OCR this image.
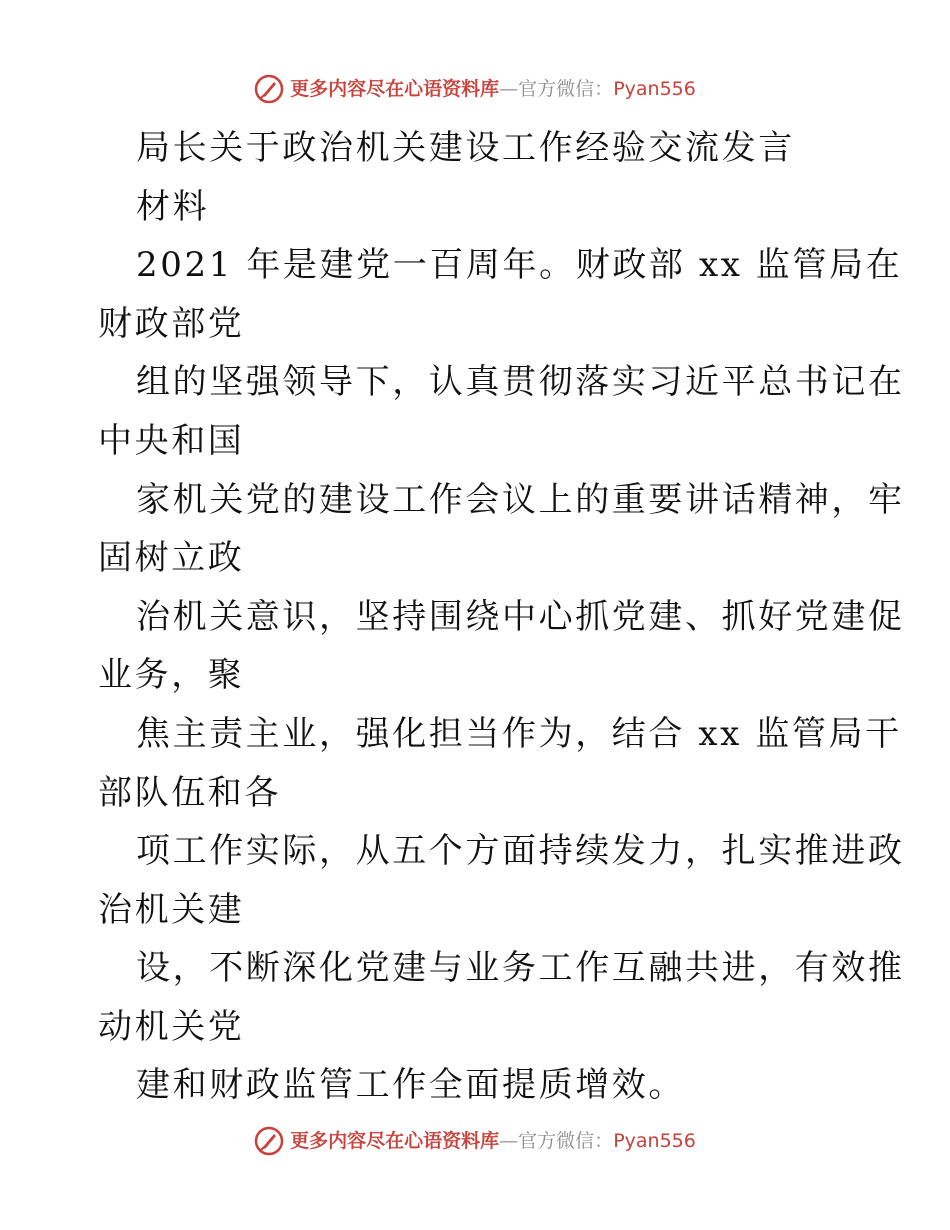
更多内容尽在心语资料库—官方微信：Pyan556
局长关于政治机关建设工作经验交流发言
材料
2021 年是建党一百周年。财政部 xx 监管局在
财政部党
组的坚强领导下，认真贯彻落实习近平总书记在
中央和国
家机关党的建设工作会议上的重要讲话精神，牢
固树立政
治机关意识，坚持围绕中心抓党建、抓好党建促
业务，聚
焦主责主业，强化担当作为，结合 xx 监管局干
部队伍和各
项工作实际，从五个方面持续发力，扎实推进政
治机关建
设，不断深化党建与业务工作互融共进，有效推
动机关党
建和财政监管工作全面提质增效。
更多内容尽在心语资料库—官方微信：Pyan556
